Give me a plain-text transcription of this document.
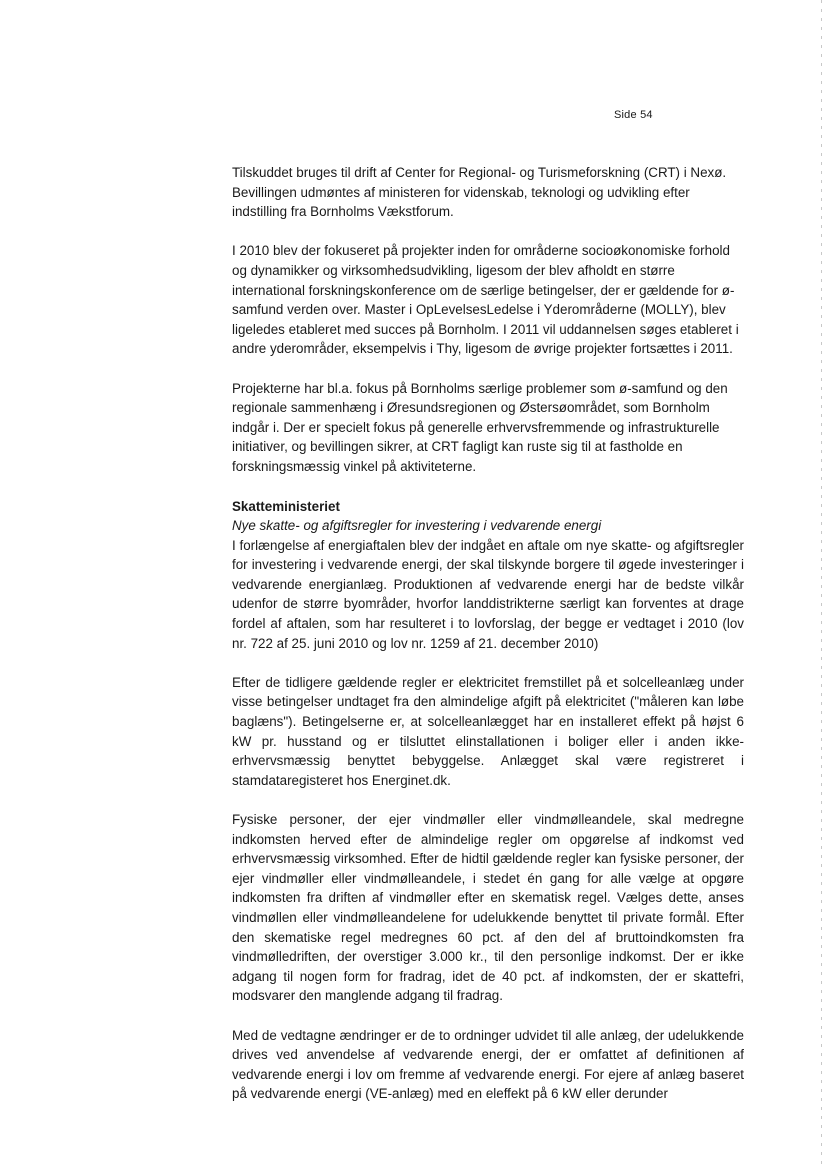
Side 54

Tilskuddet bruges til drift af Center for Regional- og Turismeforskning (CRT) i Nexø. Bevillingen udmøntes af ministeren for videnskab, teknologi og udvikling efter indstilling fra Bornholms Vækstforum.

I 2010 blev der fokuseret på projekter inden for områderne socioøkonomiske forhold og dynamikker og virksomhedsudvikling, ligesom der blev afholdt en større international forskningskonference om de særlige betingelser, der er gældende for ø-samfund verden over. Master i OpLevelsesLedelse i Yderområderne (MOLLY), blev ligeledes etableret med succes på Bornholm. I 2011 vil uddannelsen søges etableret i andre yderområder, eksempelvis i Thy, ligesom de øvrige projekter fortsættes i 2011.

Projekterne har bl.a. fokus på Bornholms særlige problemer som ø-samfund og den regionale sammenhæng i Øresundsregionen og Østersøområdet, som Bornholm indgår i. Der er specielt fokus på generelle erhvervsfremmende og infrastrukturelle initiativer, og bevillingen sikrer, at CRT fagligt kan ruste sig til at fastholde en forskningsmæssig vinkel på aktiviteterne.

Skatteministeriet

Nye skatte- og afgiftsregler for investering i vedvarende energi

I forlængelse af energiaftalen blev der indgået en aftale om nye skatte- og afgiftsregler for investering i vedvarende energi, der skal tilskynde borgere til øgede investeringer i vedvarende energianlæg. Produktionen af vedvarende energi har de bedste vilkår udenfor de større byområder, hvorfor landdistrikterne særligt kan forventes at drage fordel af aftalen, som har resulteret i to lovforslag, der begge er vedtaget i 2010 (lov nr. 722 af 25. juni 2010 og lov nr. 1259 af 21. december 2010)

Efter de tidligere gældende regler er elektricitet fremstillet på et solcelleanlæg under visse betingelser undtaget fra den almindelige afgift på elektricitet ("måleren kan løbe baglæns"). Betingelserne er, at solcelleanlægget har en installeret effekt på højst 6 kW pr. husstand og er tilsluttet elinstallationen i boliger eller i anden ikke-erhvervsmæssig benyttet bebyggelse. Anlægget skal være registreret i stamdataregisteret hos Energinet.dk.

Fysiske personer, der ejer vindmøller eller vindmølleandele, skal medregne indkomsten herved efter de almindelige regler om opgørelse af indkomst ved erhvervsmæssig virksomhed. Efter de hidtil gældende regler kan fysiske personer, der ejer vindmøller eller vindmølleandele, i stedet én gang for alle vælge at opgøre indkomsten fra driften af vindmøller efter en skematisk regel. Vælges dette, anses vindmøllen eller vindmølleandelene for udelukkende benyttet til private formål. Efter den skematiske regel medregnes 60 pct. af den del af bruttoindkomsten fra vindmølledriften, der overstiger 3.000 kr., til den personlige indkomst. Der er ikke adgang til nogen form for fradrag, idet de 40 pct. af indkomsten, der er skattefri, modsvarer den manglende adgang til fradrag.

Med de vedtagne ændringer er de to ordninger udvidet til alle anlæg, der udelukkende drives ved anvendelse af vedvarende energi, der er omfattet af definitionen af vedvarende energi i lov om fremme af vedvarende energi. For ejere af anlæg baseret på vedvarende energi (VE-anlæg) med en eleffekt på 6 kW eller derunder
